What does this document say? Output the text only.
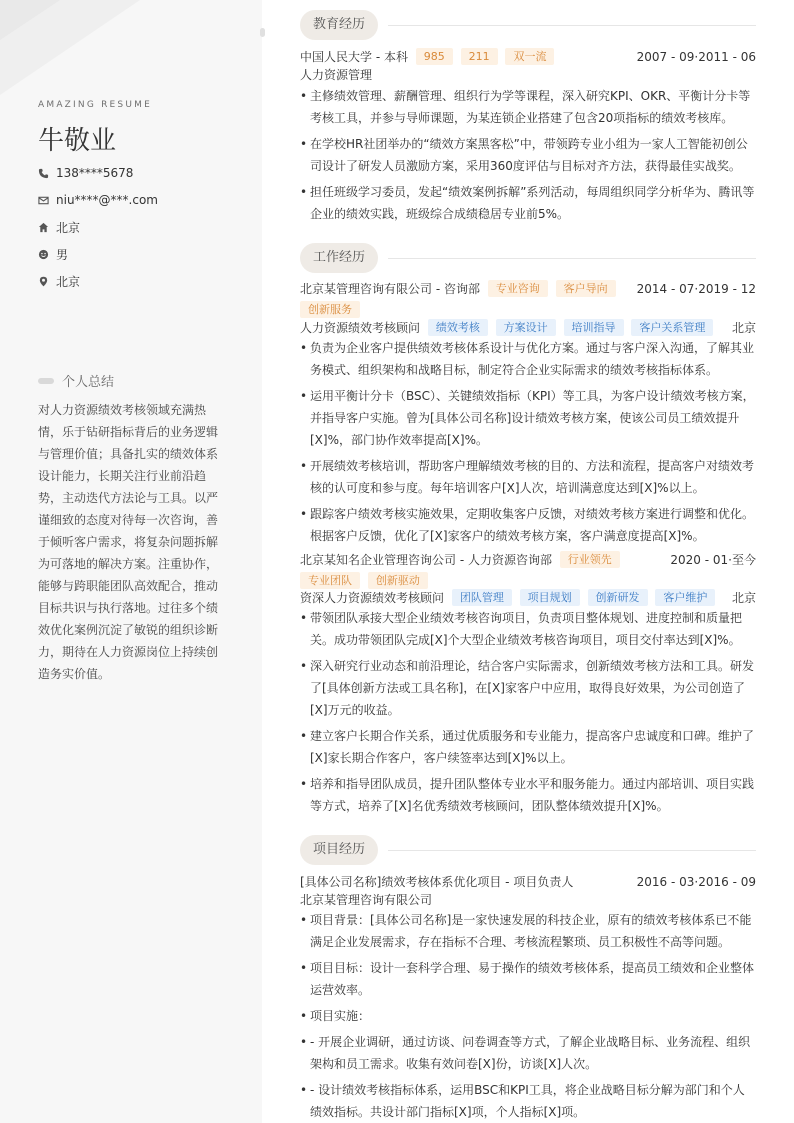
AMAZING RESUME
牛敬业
138****5678
niu****@***.com
北京
男
北京
个人总结
对人力资源绩效考核领域充满热情，乐于钻研指标背后的业务逻辑与管理价值；具备扎实的绩效体系设计能力，长期关注行业前沿趋势，主动迭代方法论与工具。以严谨细致的态度对待每一次咨询，善于倾听客户需求，将复杂问题拆解为可落地的解决方案。注重协作，能够与跨职能团队高效配合，推动目标共识与执行落地。过往多个绩效优化案例沉淀了敏锐的组织诊断力，期待在人力资源岗位上持续创造务实价值。
教育经历
中国人民大学 - 本科 985 211 双一流	2007 - 09·2011 - 06
人力资源管理
• 主修绩效管理、薪酬管理、组织行为学等课程，深入研究KPI、OKR、平衡计分卡等考核工具，并参与导师课题，为某连锁企业搭建了包含20项指标的绩效考核库。
• 在学校HR社团举办的“绩效方案黑客松”中，带领跨专业小组为一家人工智能初创公司设计了研发人员激励方案，采用360度评估与目标对齐方法，获得最佳实战奖。
• 担任班级学习委员，发起“绩效案例拆解”系列活动，每周组织同学分析华为、腾讯等企业的绩效实践，班级综合成绩稳居专业前5%。
工作经历
北京某管理咨询有限公司 - 咨询部 专业咨询 客户导向 2014 - 07·2019 - 12
创新服务
人力资源绩效考核顾问 绩效考核 方案设计 培训指导 客户关系管理 北京
• 负责为企业客户提供绩效考核体系设计与优化方案。通过与客户深入沟通，了解其业务模式、组织架构和战略目标，制定符合企业实际需求的绩效考核指标体系。
• 运用平衡计分卡（BSC）、关键绩效指标（KPI）等工具，为客户设计绩效考核方案，并指导客户实施。曾为[具体公司名称]设计绩效考核方案，使该公司员工绩效提升[X]%，部门协作效率提高[X]%。
• 开展绩效考核培训，帮助客户理解绩效考核的目的、方法和流程，提高客户对绩效考核的认可度和参与度。每年培训客户[X]人次，培训满意度达到[X]%以上。
• 跟踪客户绩效考核实施效果，定期收集客户反馈，对绩效考核方案进行调整和优化。根据客户反馈，优化了[X]家客户的绩效考核方案，客户满意度提高[X]%。
北京某知名企业管理咨询公司 - 人力资源咨询部 行业领先	2020 - 01·至今
专业团队 创新驱动
资深人力资源绩效考核顾问 团队管理 项目规划 创新研发 客户维护 北京
• 带领团队承接大型企业绩效考核咨询项目，负责项目整体规划、进度控制和质量把关。成功带领团队完成[X]个大型企业绩效考核咨询项目，项目交付率达到[X]%。
• 深入研究行业动态和前沿理论，结合客户实际需求，创新绩效考核方法和工具。研发了[具体创新方法或工具名称]，在[X]家客户中应用，取得良好效果，为公司创造了[X]万元的收益。
• 建立客户长期合作关系，通过优质服务和专业能力，提高客户忠诚度和口碑。维护了[X]家长期合作客户，客户续签率达到[X]%以上。
• 培养和指导团队成员，提升团队整体专业水平和服务能力。通过内部培训、项目实践等方式，培养了[X]名优秀绩效考核顾问，团队整体绩效提升[X]%。
项目经历
[具体公司名称]绩效考核体系优化项目 - 项目负责人	2016 - 03·2016 - 09
北京某管理咨询有限公司
• 项目背景：[具体公司名称]是一家快速发展的科技企业，原有的绩效考核体系已不能满足企业发展需求，存在指标不合理、考核流程繁琐、员工积极性不高等问题。
• 项目目标：设计一套科学合理、易于操作的绩效考核体系，提高员工绩效和企业整体运营效率。
• 项目实施：
• - 开展企业调研，通过访谈、问卷调查等方式，了解企业战略目标、业务流程、组织架构和员工需求。收集有效问卷[X]份，访谈[X]人次。
• - 设计绩效考核指标体系，运用BSC和KPI工具，将企业战略目标分解为部门和个人绩效指标。共设计部门指标[X]项，个人指标[X]项。
